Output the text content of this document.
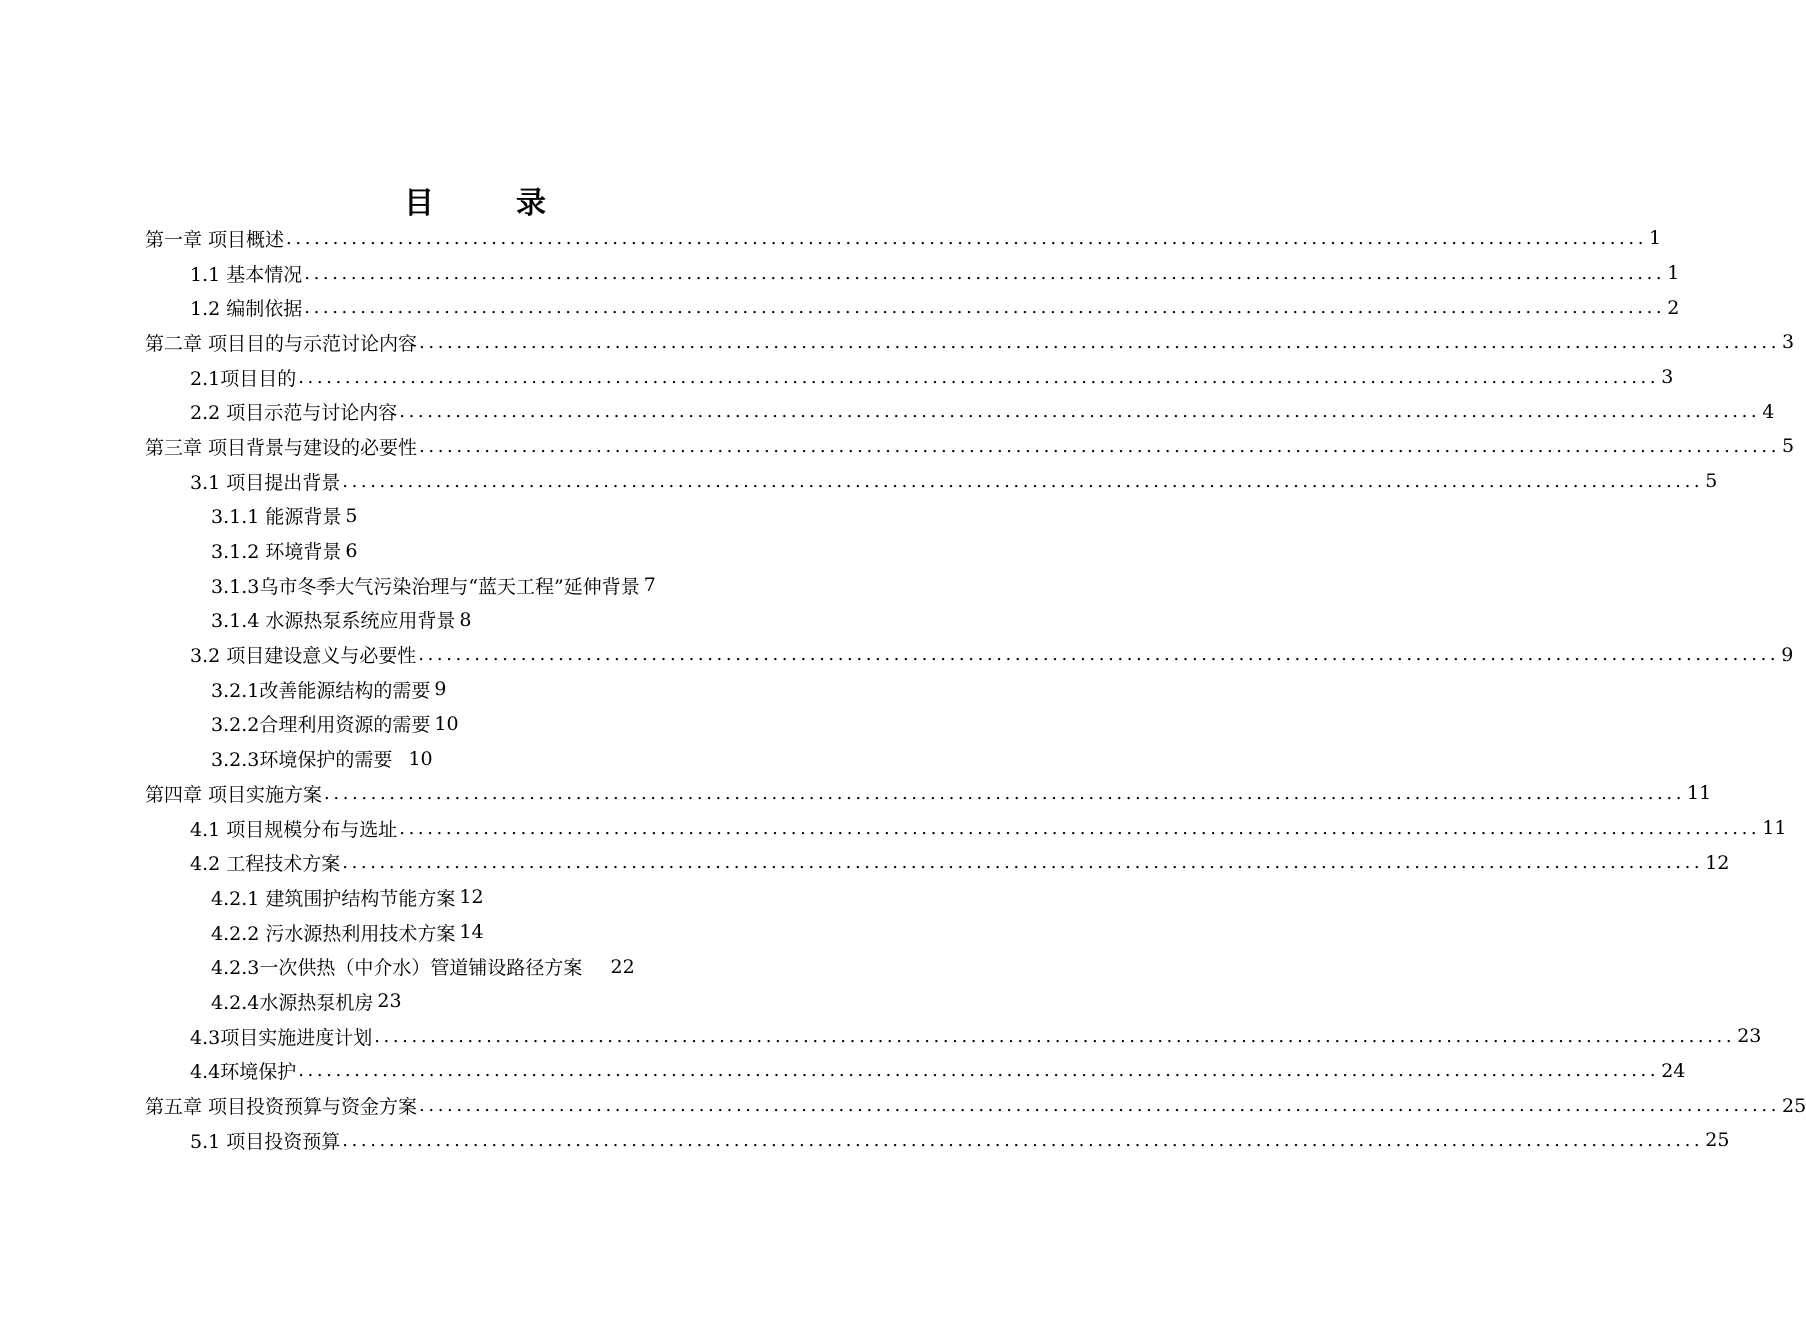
目	录
第一章 项目概述 .................................................................................................................................................. 1
1.1 基本情况 .................................................................................................................................................. 1
1.2 编制依据 .................................................................................................................................................. 2
第二章 项目目的与示范讨论内容 .................................................................................................................................................. 3
2.1项目目的 .................................................................................................................................................. 3
2.2 项目示范与讨论内容 .................................................................................................................................................. 4
第三章 项目背景与建设的必要性 .................................................................................................................................................. 5
3.1 项目提出背景 .................................................................................................................................................. 5
3.1.1 能源背景 5
3.1.2 环境背景 6
3.1.3乌市冬季大气污染治理与“蓝天工程”延伸背景 7
3.1.4 水源热泵系统应用背景 8
3.2 项目建设意义与必要性 .................................................................................................................................................. 9
3.2.1改善能源结构的需要 9
3.2.2合理利用资源的需要 10
3.2.3环境保护的需要 10
第四章 项目实施方案 .................................................................................................................................................. 11
4.1 项目规模分布与选址 .................................................................................................................................................. 11
4.2 工程技术方案 .................................................................................................................................................. 12
4.2.1 建筑围护结构节能方案 12
4.2.2 污水源热利用技术方案 14
4.2.3一次供热（中介水）管道铺设路径方案 22
4.2.4水源热泵机房 23
4.3项目实施进度计划 .................................................................................................................................................. 23
4.4环境保护 .................................................................................................................................................. 24
第五章 项目投资预算与资金方案 .................................................................................................................................................. 25
5.1 项目投资预算 .................................................................................................................................................. 25
